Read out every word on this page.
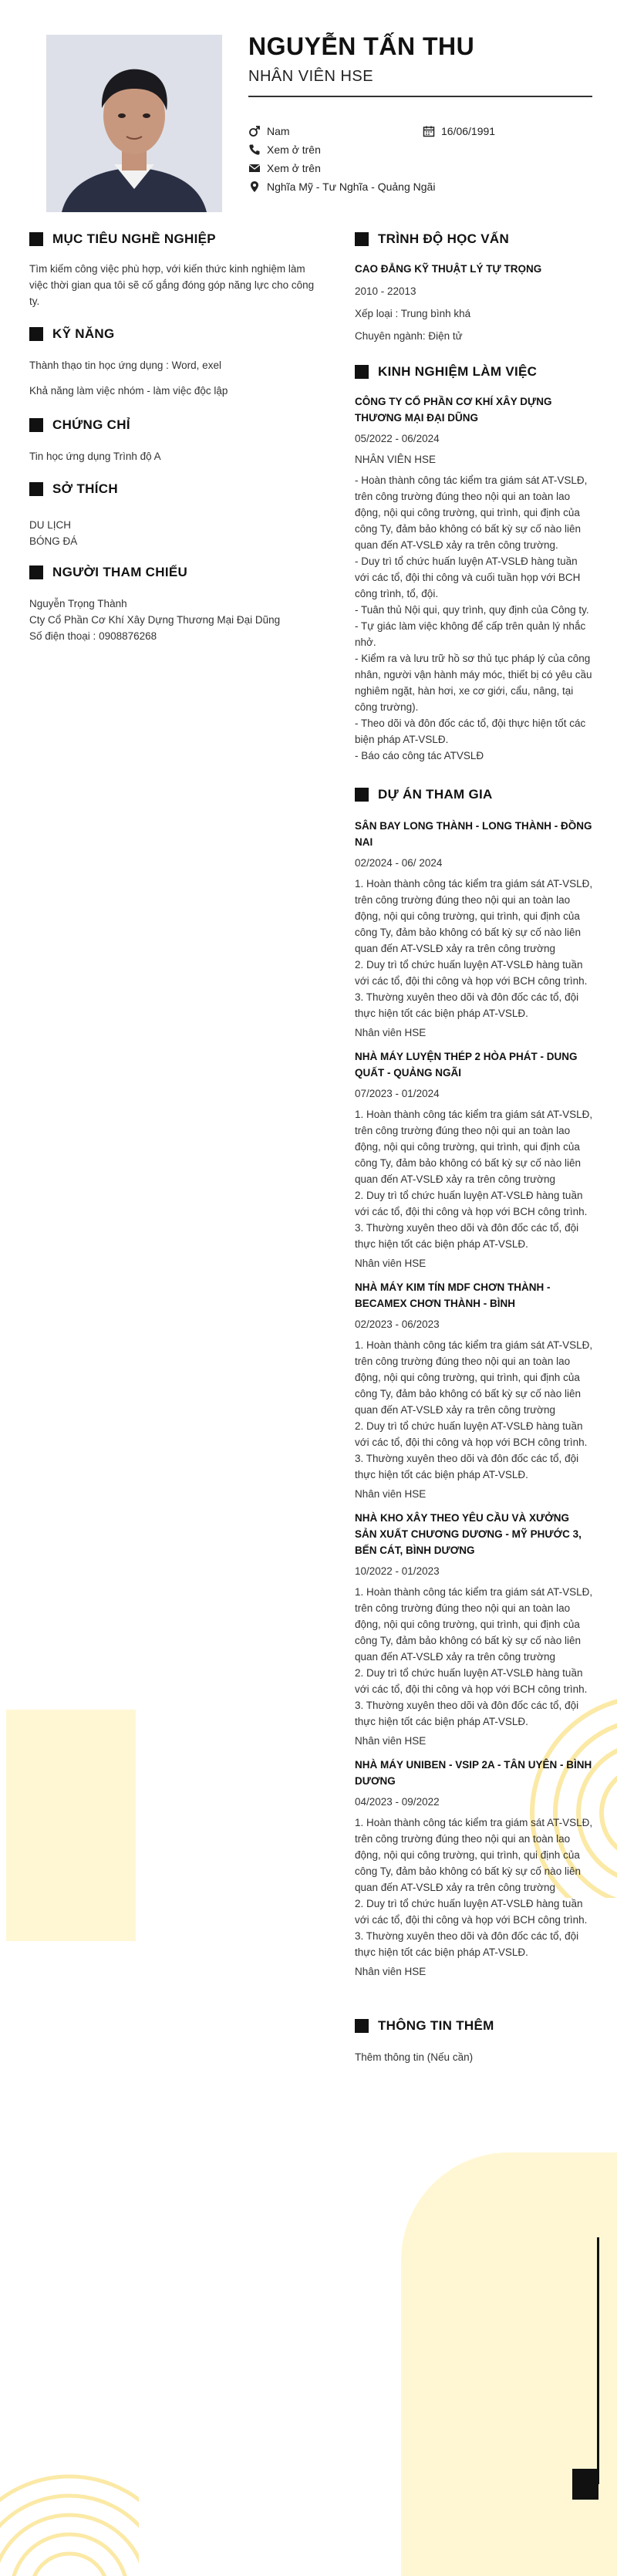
NGUYỄN TẤN THU
NHÂN VIÊN HSE
Nam	16/06/1991
Xem ở trên
Xem ở trên
Nghĩa Mỹ - Tư Nghĩa - Quảng Ngãi
MỤC TIÊU NGHỀ NGHIỆP
Tìm kiếm công việc phù hợp, với kiến thức kinh nghiệm làm việc thời gian qua tôi sẽ cố gắng đóng góp năng lực cho công ty.
KỸ NĂNG
Thành thạo tin học ứng dụng : Word, exel
Khả năng làm việc nhóm - làm việc độc lập
CHỨNG CHỈ
Tin học ứng dụng Trình độ A
SỞ THÍCH
DU LỊCH
BÓNG ĐÁ
NGƯỜI THAM CHIẾU
Nguyễn Trọng Thành
Cty Cổ Phần Cơ Khí Xây Dựng Thương Mại Đại Dũng
Số điện thoại : 0908876268
TRÌNH ĐỘ HỌC VẤN
CAO ĐẲNG KỸ THUẬT LÝ TỰ TRỌNG
2010 - 22013
Xếp loại : Trung bình khá
Chuyên ngành: Điện tử
KINH NGHIỆM LÀM VIỆC
CÔNG TY CỔ PHẦN CƠ KHÍ XÂY DỰNG THƯƠNG MẠI ĐẠI DŨNG
05/2022 - 06/2024
NHÂN VIÊN HSE
- Hoàn thành công tác kiểm tra giám sát AT-VSLĐ, trên công trường đúng theo nội qui an toàn lao động, nội qui công trường, qui trình, qui định của công Ty, đảm bảo không có bất kỳ sự cố nào liên quan đến AT-VSLĐ xảy ra trên công trường.
- Duy trì tổ chức huấn luyện AT-VSLĐ hàng tuần với các tổ, đội thi công và cuối tuần họp với BCH công trình, tổ, đội.
- Tuân thủ Nội qui, quy trình, quy định của Công ty.
- Tự giác làm việc không để cấp trên quản lý nhắc nhở.
- Kiểm ra và lưu trữ hồ sơ thủ tục pháp lý của công nhân, người vận hành máy móc, thiết bị có yêu cầu nghiêm ngặt, hàn hơi, xe cơ giới, cẩu, nâng, tại công trường).
- Theo dõi và đôn đốc các tổ, đội thực hiện tốt các biện pháp AT-VSLĐ.
- Báo cáo công tác ATVSLĐ
DỰ ÁN THAM GIA
SÂN BAY LONG THÀNH - LONG THÀNH - ĐỒNG NAI
02/2024 - 06/ 2024
1. Hoàn thành công tác kiểm tra giám sát AT-VSLĐ, trên công trường đúng theo nội qui an toàn lao động, nội qui công trường, qui trình, qui định của công Ty, đảm bảo không có bất kỳ sự cố nào liên quan đến AT-VSLĐ xảy ra trên công trường
2. Duy trì tổ chức huấn luyện AT-VSLĐ hàng tuần với các tổ, đội thi công và họp với BCH công trình.
3. Thường xuyên theo dõi và đôn đốc các tổ, đội thực hiện tốt các biện pháp AT-VSLĐ.
Nhân viên HSE
NHÀ MÁY LUYỆN THÉP 2 HÒA PHÁT - DUNG QUẤT - QUẢNG NGÃI
07/2023 - 01/2024
1. Hoàn thành công tác kiểm tra giám sát AT-VSLĐ, trên công trường đúng theo nội qui an toàn lao động, nội qui công trường, qui trình, qui định của công Ty, đảm bảo không có bất kỳ sự cố nào liên quan đến AT-VSLĐ xảy ra trên công trường
2. Duy trì tổ chức huấn luyện AT-VSLĐ hàng tuần với các tổ, đội thi công và họp với BCH công trình.
3. Thường xuyên theo dõi và đôn đốc các tổ, đội thực hiện tốt các biện pháp AT-VSLĐ.
Nhân viên HSE
NHÀ MÁY KIM TÍN MDF CHƠN THÀNH - BECAMEX CHƠN THÀNH - BÌNH
02/2023 - 06/2023
1. Hoàn thành công tác kiểm tra giám sát AT-VSLĐ, trên công trường đúng theo nội qui an toàn lao động, nội qui công trường, qui trình, qui định của công Ty, đảm bảo không có bất kỳ sự cố nào liên quan đến AT-VSLĐ xảy ra trên công trường
2. Duy trì tổ chức huấn luyện AT-VSLĐ hàng tuần với các tổ, đội thi công và họp với BCH công trình.
3. Thường xuyên theo dõi và đôn đốc các tổ, đội thực hiện tốt các biện pháp AT-VSLĐ.
Nhân viên HSE
NHÀ KHO XÂY THEO YÊU CẦU VÀ XƯỞNG SẢN XUẤT CHƯƠNG DƯƠNG - MỸ PHƯỚC 3, BẾN CÁT, BÌNH DƯƠNG
10/2022 - 01/2023
1. Hoàn thành công tác kiểm tra giám sát AT-VSLĐ, trên công trường đúng theo nội qui an toàn lao động, nội qui công trường, qui trình, qui định của công Ty, đảm bảo không có bất kỳ sự cố nào liên quan đến AT-VSLĐ xảy ra trên công trường
2. Duy trì tổ chức huấn luyện AT-VSLĐ hàng tuần với các tổ, đội thi công và họp với BCH công trình.
3. Thường xuyên theo dõi và đôn đốc các tổ, đội thực hiện tốt các biện pháp AT-VSLĐ.
Nhân viên HSE
NHÀ MÁY UNIBEN - VSIP 2A - TÂN UYÊN - BÌNH DƯƠNG
04/2023 - 09/2022
1. Hoàn thành công tác kiểm tra giám sát AT-VSLĐ, trên công trường đúng theo nội qui an toàn lao động, nội qui công trường, qui trình, qui định của công Ty, đảm bảo không có bất kỳ sự cố nào liên quan đến AT-VSLĐ xảy ra trên công trường
2. Duy trì tổ chức huấn luyện AT-VSLĐ hàng tuần với các tổ, đội thi công và họp với BCH công trình.
3. Thường xuyên theo dõi và đôn đốc các tổ, đội thực hiện tốt các biện pháp AT-VSLĐ.
Nhân viên HSE
THÔNG TIN THÊM
Thêm thông tin (Nếu cần)
